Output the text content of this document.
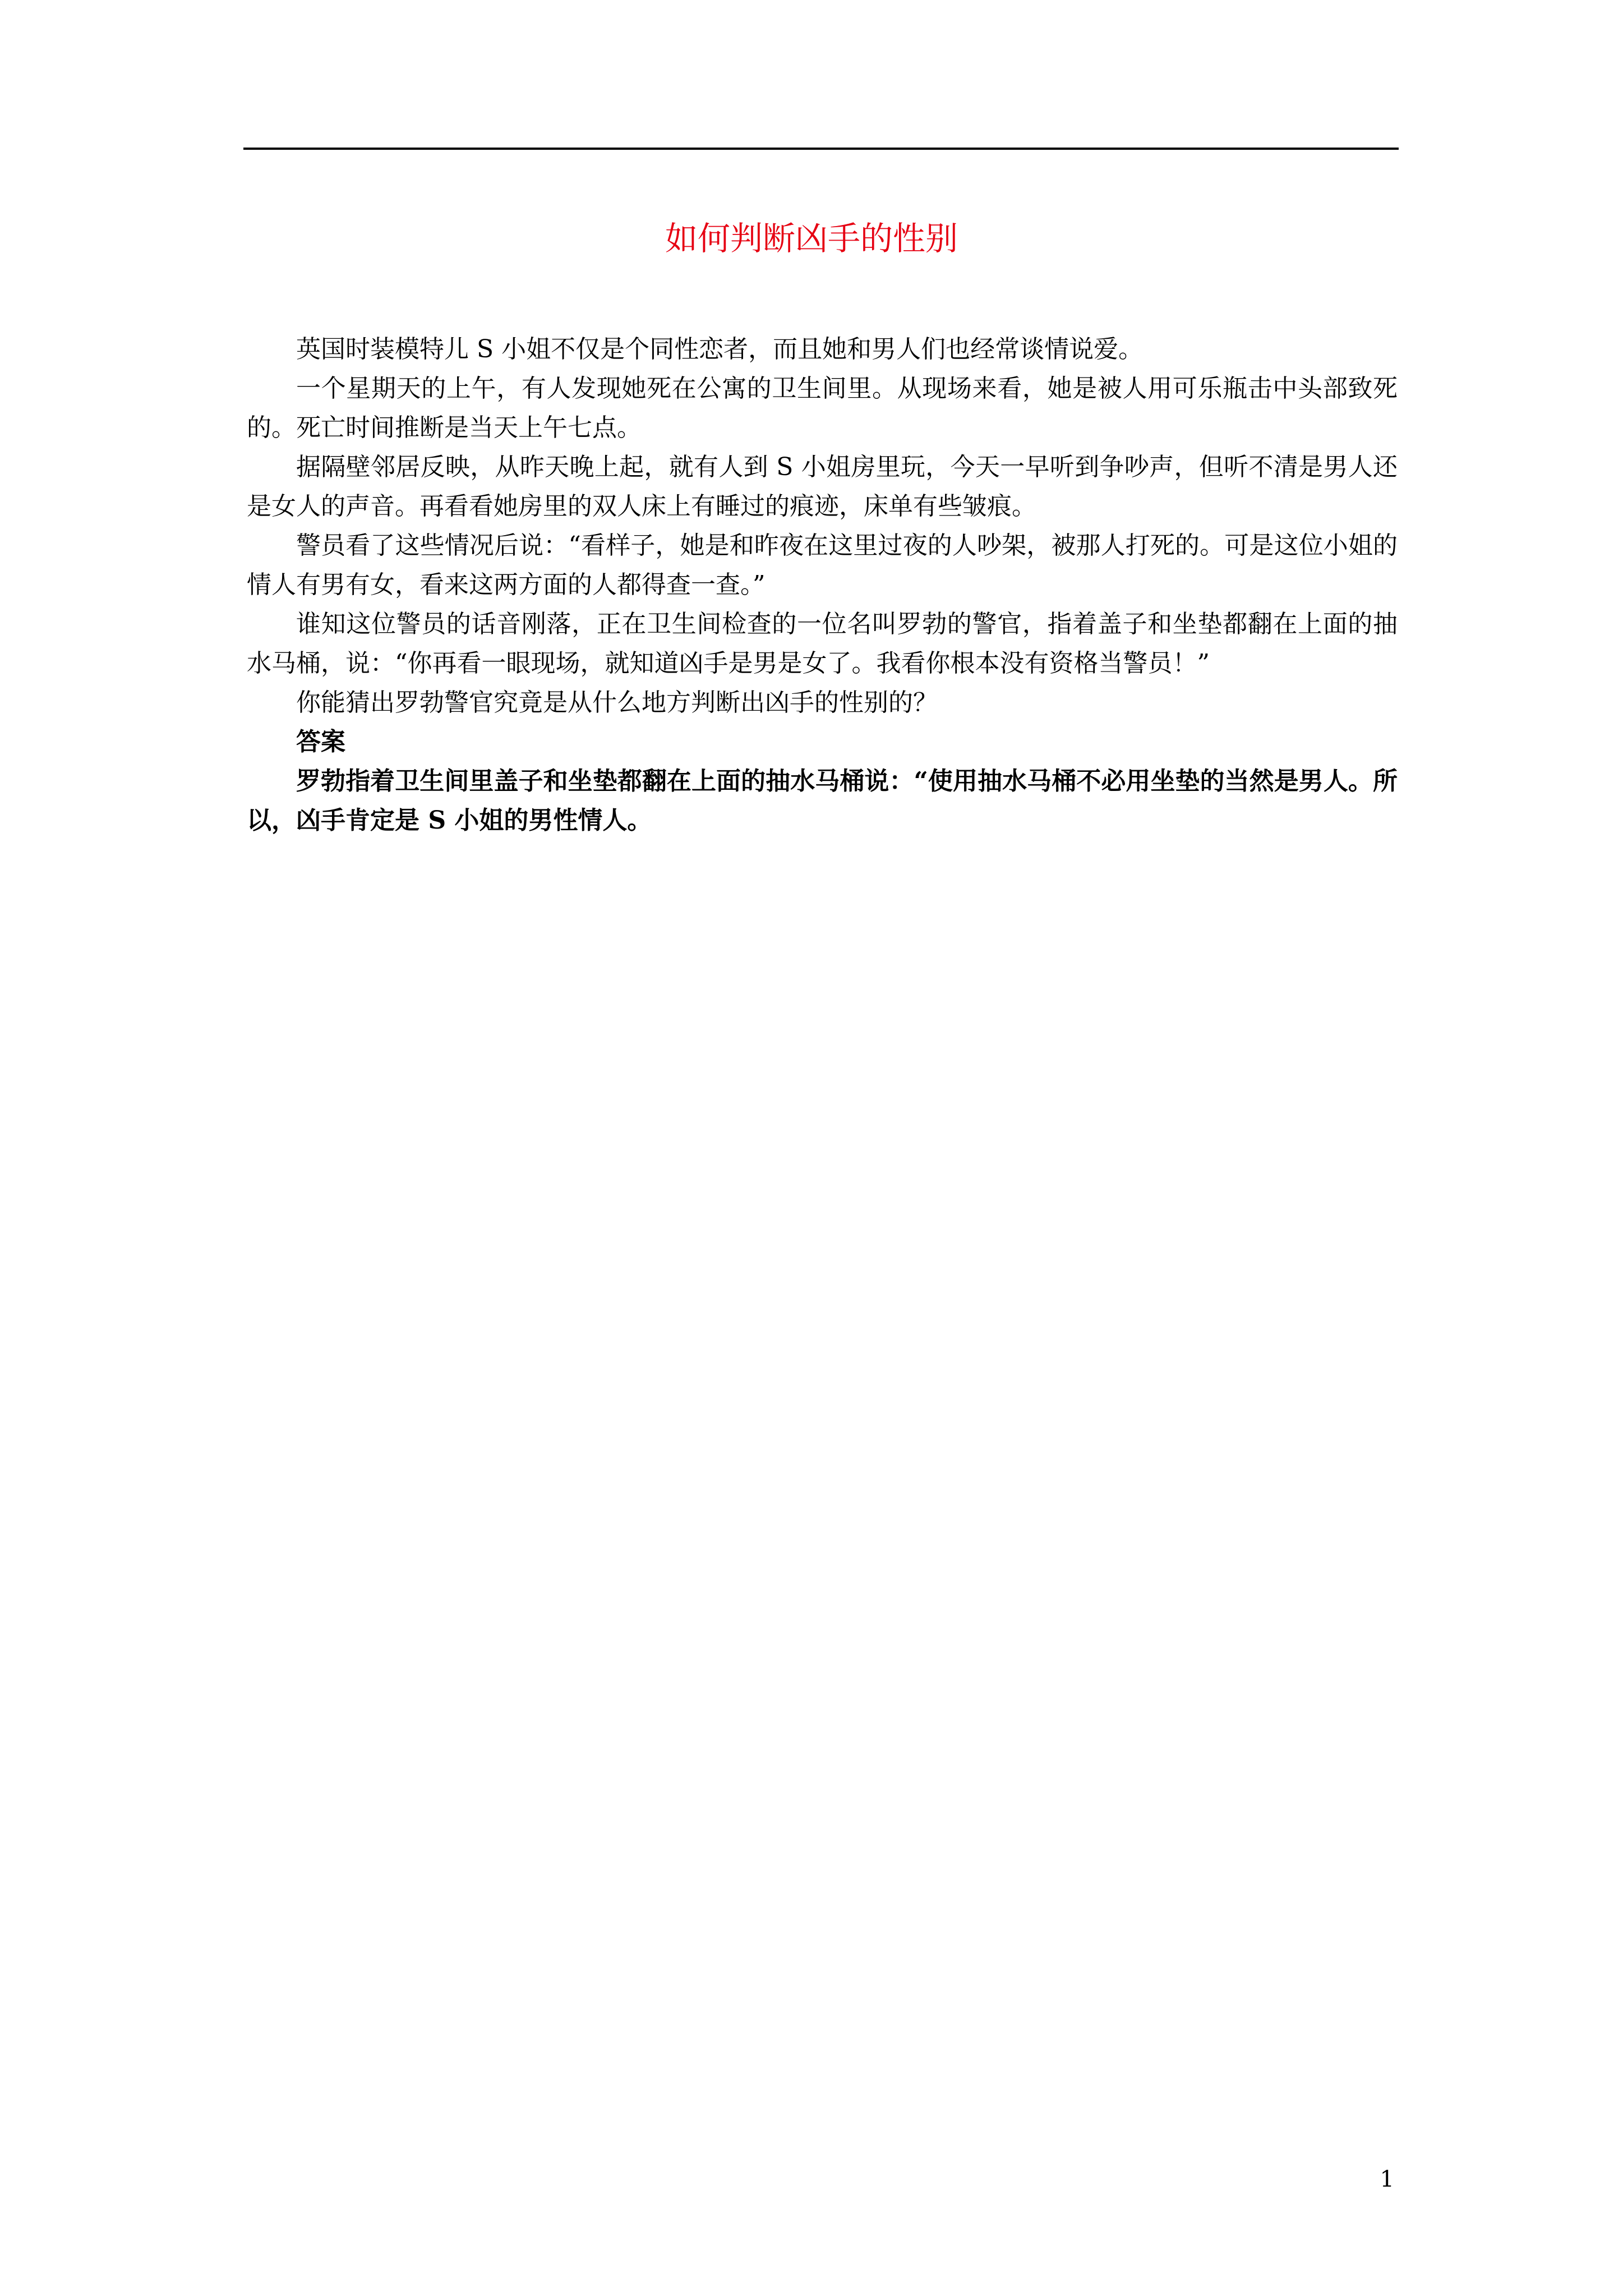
如何判断凶手的性别

英国时装模特儿 S 小姐不仅是个同性恋者，而且她和男人们也经常谈情说爱。

一个星期天的上午，有人发现她死在公寓的卫生间里。从现场来看，她是被人用可乐瓶击中头部致死的。死亡时间推断是当天上午七点。

据隔壁邻居反映，从昨天晚上起，就有人到 S 小姐房里玩，今天一早听到争吵声，但听不清是男人还是女人的声音。再看看她房里的双人床上有睡过的痕迹，床单有些皱痕。

警员看了这些情况后说：“看样子，她是和昨夜在这里过夜的人吵架，被那人打死的。可是这位小姐的情人有男有女，看来这两方面的人都得查一查。”

谁知这位警员的话音刚落，正在卫生间检查的一位名叫罗勃的警官，指着盖子和坐垫都翻在上面的抽水马桶，说：“你再看一眼现场，就知道凶手是男是女了。我看你根本没有资格当警员！”

你能猜出罗勃警官究竟是从什么地方判断出凶手的性别的？

答案

罗勃指着卫生间里盖子和坐垫都翻在上面的抽水马桶说：“使用抽水马桶不必用坐垫的当然是男人。所以，凶手肯定是 S 小姐的男性情人。

1
